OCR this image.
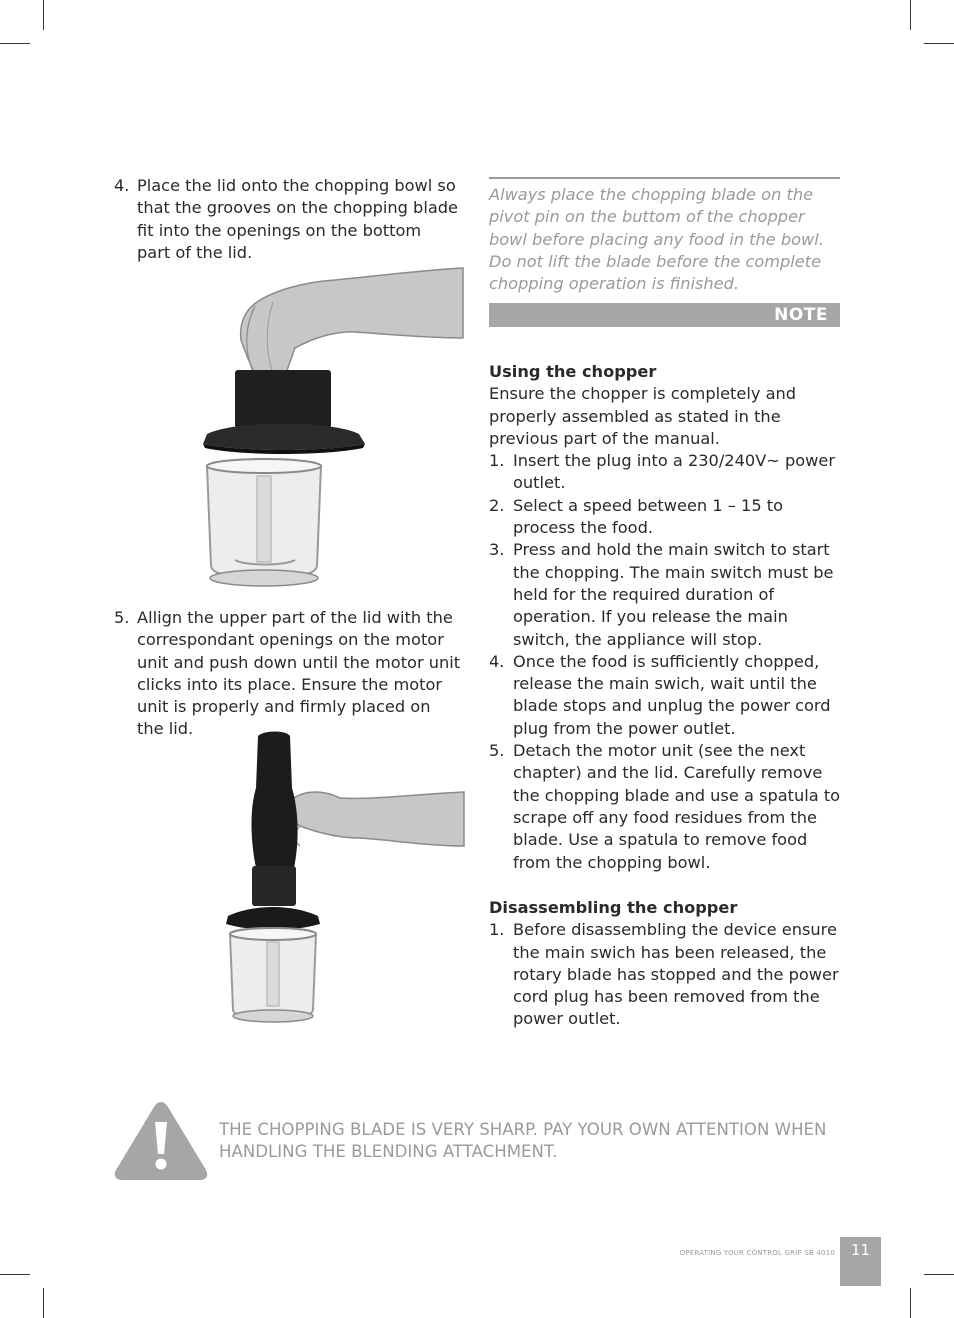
4. Place the lid onto the chopping bowl so that the grooves on the chopping blade fit into the openings on the bottom part of the lid.
5. Allign the upper part of the lid with the correspondant openings on the motor unit and push down until the motor unit clicks into its place. Ensure the motor unit is properly and firmly placed on the lid.
Always place the chopping blade on the pivot pin on the buttom of the chopper bowl before placing any food in the bowl. Do not lift the blade before the complete chopping operation is finished.
NOTE
Using the chopper

Ensure the chopper is completely and properly assembled as stated in the previous part of the manual.

1. Insert the plug into a 230/240V~ power outlet.
2. Select a speed between 1 – 15 to process the food.
3. Press and hold the main switch to start the chopping. The main switch must be held for the required duration of operation. If you release the main switch, the appliance will stop.
4. Once the food is sufficiently chopped, release the main swich, wait until the blade stops and unplug the power cord plug from the power outlet.
5. Detach the motor unit (see the next chapter) and the lid. Carefully remove the chopping blade and use a spatula to scrape off any food residues from the blade. Use a spatula to remove food from the chopping bowl.
Disassembling the chopper
1. Before disassembling the device ensure the main swich has been released, the rotary blade has stopped and the power cord plug has been removed from the power outlet.
THE CHOPPING BLADE IS VERY SHARP. PAY YOUR OWN ATTENTION WHEN HANDLING THE BLENDING ATTACHMENT.
OPERATING YOUR CONTROL GRIP SB 4010	11
